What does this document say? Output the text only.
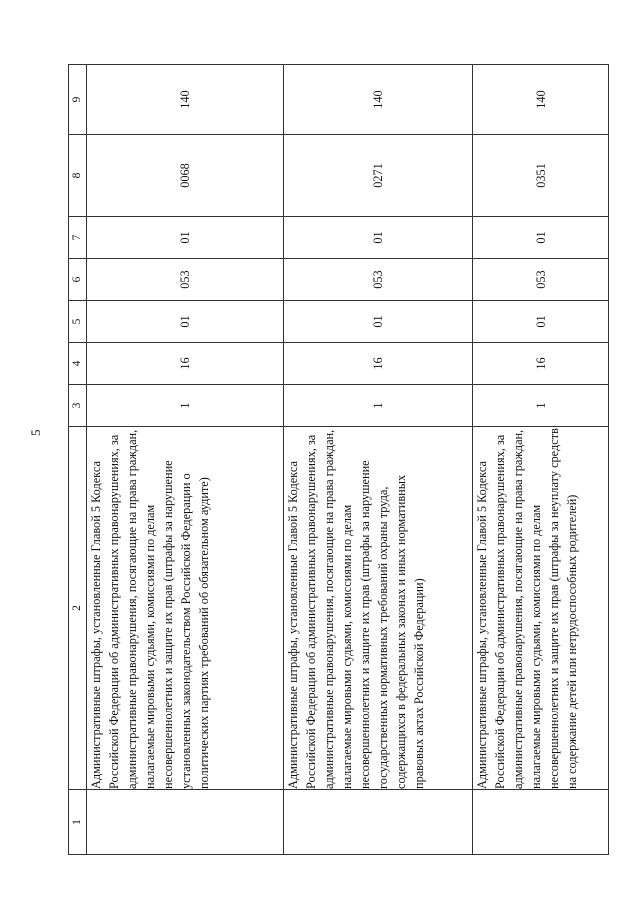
5
1	2	3	4	5	6	7	8	9
	Административные штрафы, установленные Главой 5 Кодекса Российской Федерации об административных правонарушениях, за административные правонарушения, посягающие на права граждан, налагаемые мировыми судьями, комиссиями по делам несовершеннолетних и защите их прав (штрафы за нарушение установленных законодательством Российской Федерации о политических партиях требований об обязательном аудите)	1	16	01	053	01	0068	140
	Административные штрафы, установленные Главой 5 Кодекса Российской Федерации об административных правонарушениях, за административные правонарушения, посягающие на права граждан, налагаемые мировыми судьями, комиссиями по делам несовершеннолетних и защите их прав (штрафы за нарушение государственных нормативных требований охраны труда, содержащихся в федеральных законах и иных нормативных правовых актах Российской Федерации)	1	16	01	053	01	0271	140
	Административные штрафы, установленные Главой 5 Кодекса Российской Федерации об административных правонарушениях, за административные правонарушения, посягающие на права граждан, налагаемые мировыми судьями, комиссиями по делам несовершеннолетних и защите их прав (штрафы за неуплату средств на содержание детей или нетрудоспособных родителей)	1	16	01	053	01	0351	140
